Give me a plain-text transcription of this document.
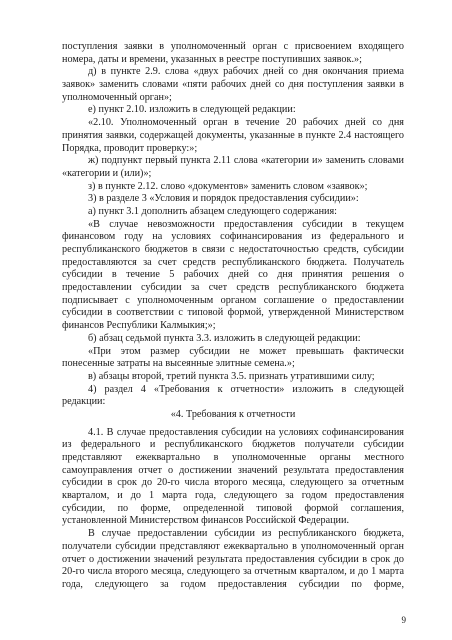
поступления заявки в уполномоченный орган с присвоением входящего
номера, даты и времени, указанных в реестре поступивших заявок.»;
д) в пункте 2.9. слова «двух рабочих дней со дня окончания приема
заявок» заменить словами «пяти рабочих дней со дня поступления заявки в
уполномоченный орган»;
е) пункт 2.10. изложить в следующей редакции:
«2.10. Уполномоченный орган в течение 20 рабочих дней со дня
принятия заявки, содержащей документы, указанные в пункте 2.4 настоящего
Порядка, проводит проверку:»;
ж) подпункт первый пункта 2.11 слова «категории и» заменить словами
«категории и (или)»;
з) в пункте 2.12. слово «документов» заменить словом «заявок»;
3) в разделе 3 «Условия и порядок предоставления субсидии»:
а) пункт 3.1 дополнить абзацем следующего содержания:
«В случае невозможности предоставления субсидии в текущем
финансовом году на условиях софинансирования из федерального и
республиканского бюджетов в связи с недостаточностью средств, субсидии
предоставляются за счет средств республиканского бюджета. Получатель
субсидии в течение 5 рабочих дней со дня принятия решения о
предоставлении субсидии за счет средств республиканского бюджета
подписывает с уполномоченным органом соглашение о предоставлении
субсидии в соответствии с типовой формой, утвержденной Министерством
финансов Республики Калмыкия;»;
б) абзац седьмой пункта 3.3. изложить в следующей редакции:
«При этом размер субсидии не может превышать фактически
понесенные затраты на высеянные элитные семена.»;
в) абзацы второй, третий пункта 3.5. признать утратившими силу;
4) раздел 4 «Требования к отчетности» изложить в следующей
редакции:
«4. Требования к отчетности
4.1. В случае предоставления субсидии на условиях софинансирования
из федерального и республиканского бюджетов получатели субсидии
представляют ежеквартально в уполномоченные органы местного
самоуправления отчет о достижении значений результата предоставления
субсидии в срок до 20-го числа второго месяца, следующего за отчетным
кварталом, и до 1 марта года, следующего за годом предоставления
субсидии, по форме, определенной типовой формой соглашения,
установленной Министерством финансов Российской Федерации.
В случае предоставлении субсидии из республиканского бюджета,
получатели субсидии представляют ежеквартально в уполномоченный орган
отчет о достижении значений результата предоставления субсидии в срок до
20-го числа второго месяца, следующего за отчетным кварталом, и до 1 марта
года, следующего за годом предоставления субсидии по форме,
9
